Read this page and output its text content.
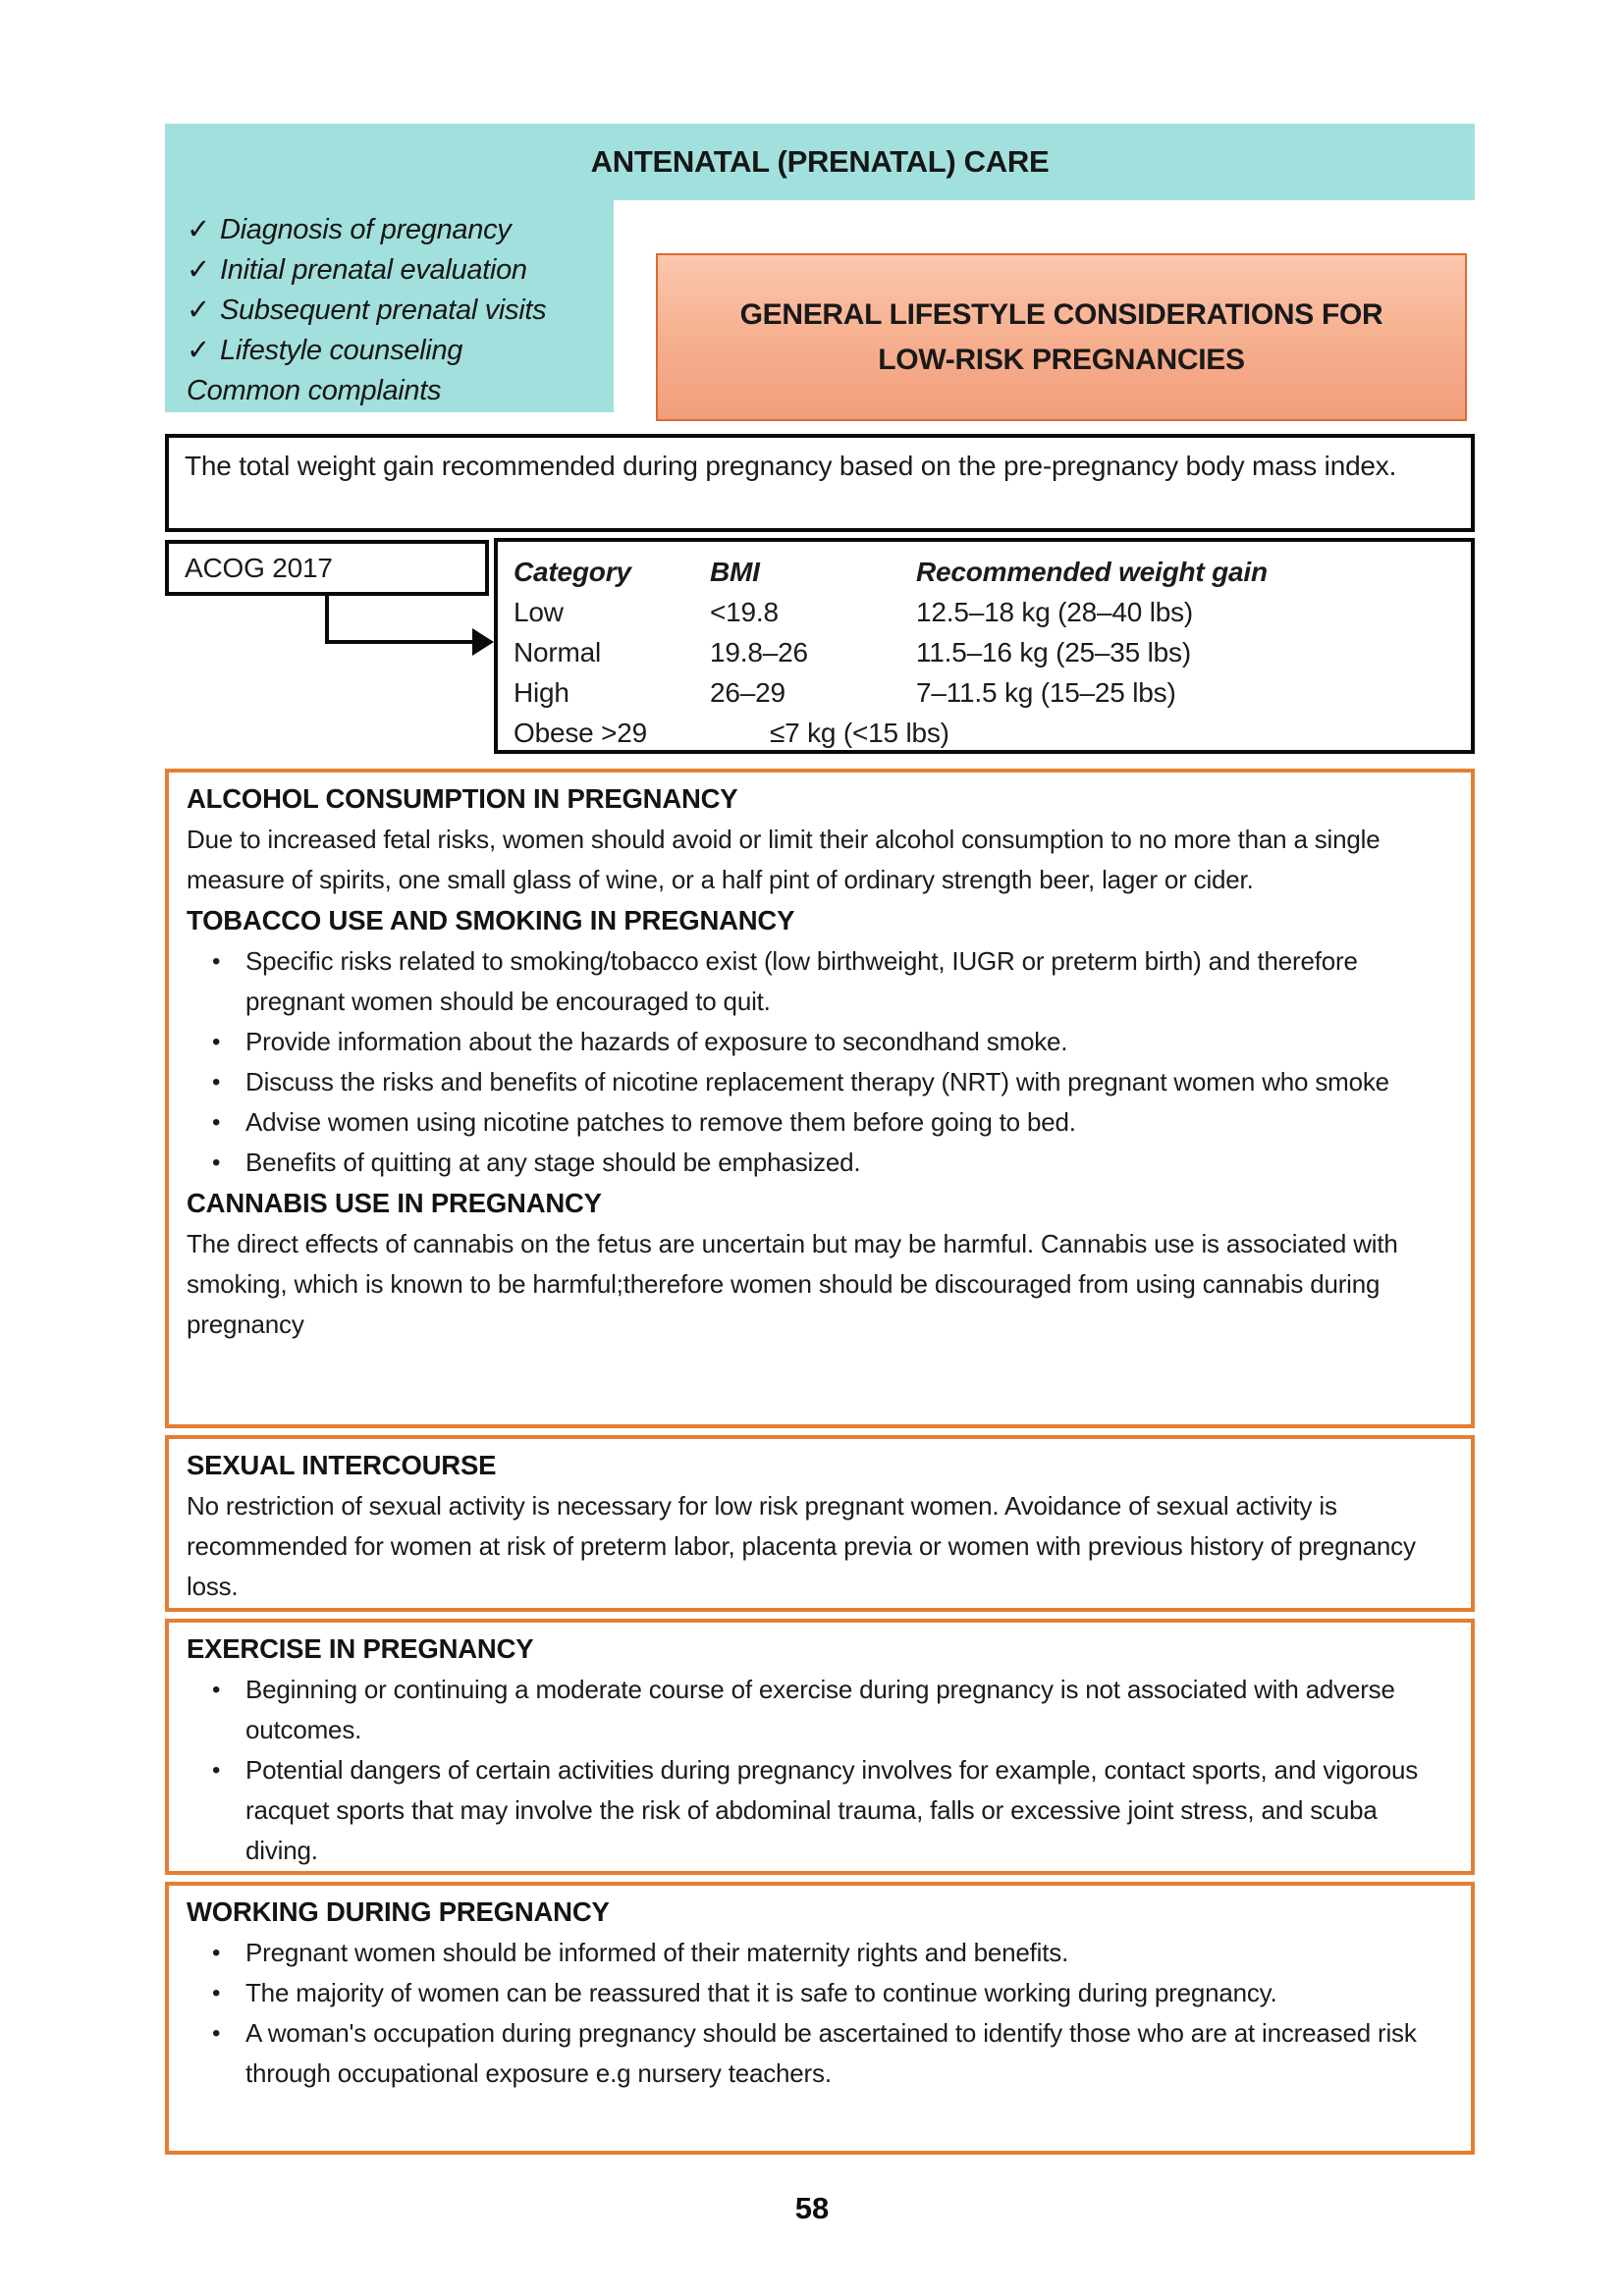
ANTENATAL (PRENATAL) CARE
✓ Diagnosis of pregnancy
✓ Initial prenatal evaluation
✓ Subsequent prenatal visits
✓ Lifestyle counseling
Common complaints
GENERAL LIFESTYLE CONSIDERATIONS FOR LOW-RISK PREGNANCIES
The total weight gain recommended during pregnancy based on the pre-pregnancy body mass index.
ACOG 2017	Category	BMI	Recommended weight gain
Low	<19.8	12.5–18 kg (28–40 lbs)
Normal	19.8–26	11.5–16 kg (25–35 lbs)
High	26–29	7–11.5 kg (15–25 lbs)
Obese >29	≤7 kg (<15 lbs)
ALCOHOL CONSUMPTION IN PREGNANCY
Due to increased fetal risks, women should avoid or limit their alcohol consumption to no more than a single measure of spirits, one small glass of wine, or a half pint of ordinary strength beer, lager or cider.
TOBACCO USE AND SMOKING IN PREGNANCY
• Specific risks related to smoking/tobacco exist (low birthweight, IUGR or preterm birth) and therefore pregnant women should be encouraged to quit.
• Provide information about the hazards of exposure to secondhand smoke.
• Discuss the risks and benefits of nicotine replacement therapy (NRT) with pregnant women who smoke
• Advise women using nicotine patches to remove them before going to bed.
• Benefits of quitting at any stage should be emphasized.
CANNABIS USE IN PREGNANCY
The direct effects of cannabis on the fetus are uncertain but may be harmful. Cannabis use is associated with smoking, which is known to be harmful;therefore women should be discouraged from using cannabis during pregnancy
SEXUAL INTERCOURSE
No restriction of sexual activity is necessary for low risk pregnant women. Avoidance of sexual activity is recommended for women at risk of preterm labor, placenta previa or women with previous history of pregnancy loss.
EXERCISE IN PREGNANCY
• Beginning or continuing a moderate course of exercise during pregnancy is not associated with adverse outcomes.
• Potential dangers of certain activities during pregnancy involves for example, contact sports, and vigorous racquet sports that may involve the risk of abdominal trauma, falls or excessive joint stress, and scuba diving.
WORKING DURING PREGNANCY
• Pregnant women should be informed of their maternity rights and benefits.
• The majority of women can be reassured that it is safe to continue working during pregnancy.
• A woman's occupation during pregnancy should be ascertained to identify those who are at increased risk through occupational exposure e.g nursery teachers.
58
